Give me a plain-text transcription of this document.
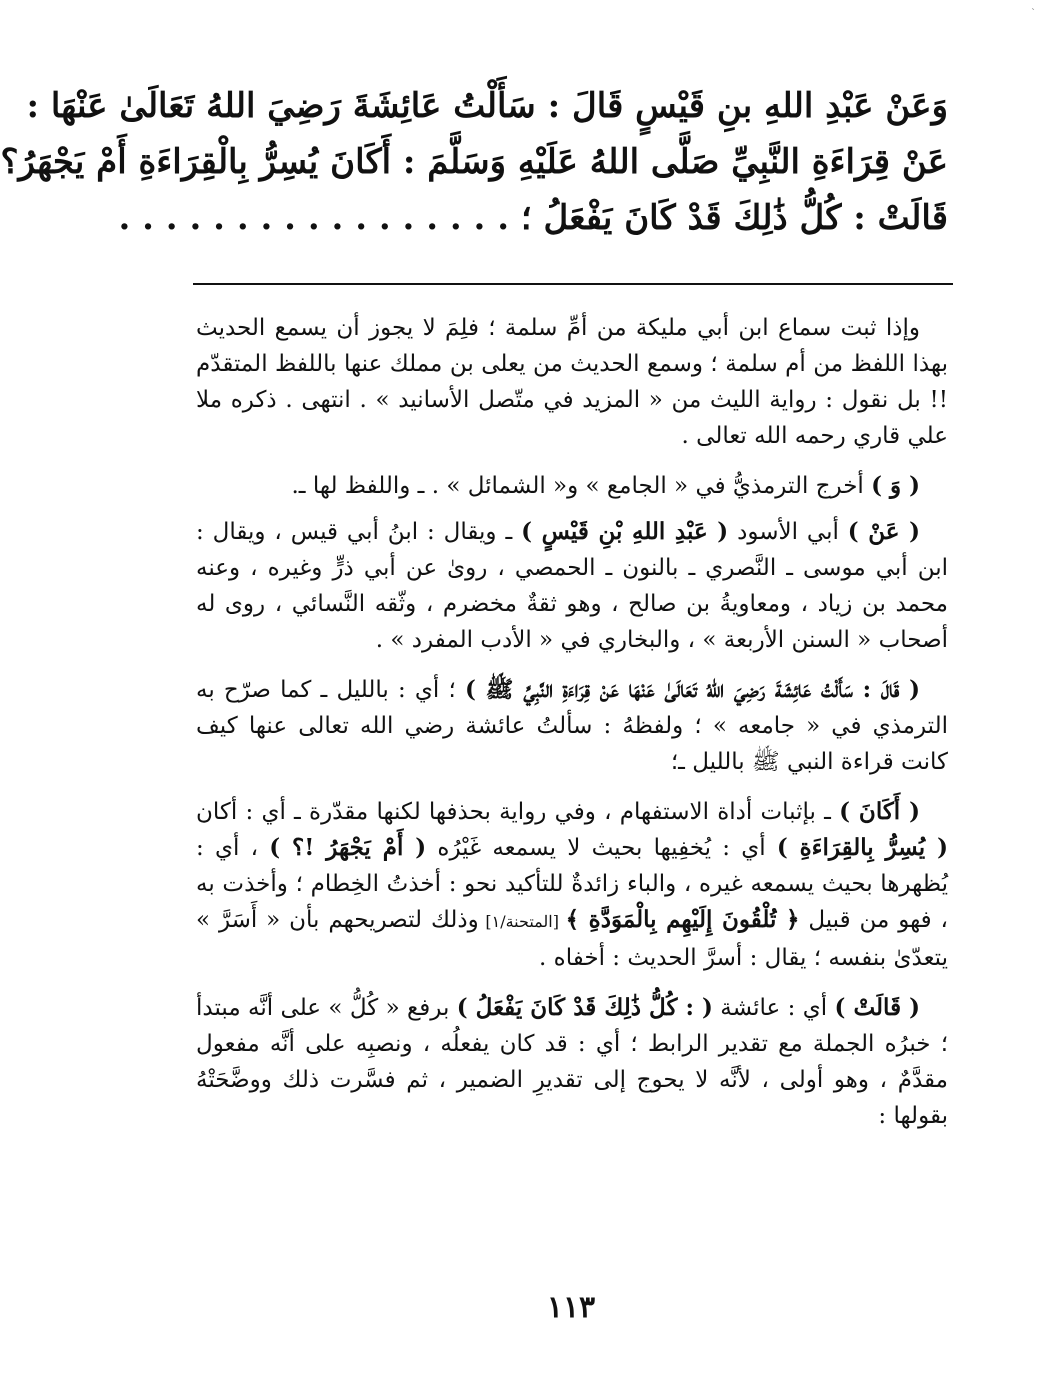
ˋ
وَعَنْ عَبْدِ اللهِ بنِ قَيْسٍ قَالَ : سَأَلْتُ عَائِشَةَ رَضِيَ اللهُ تَعَالَىٰ عَنْهَا :
عَنْ قِرَاءَةِ النَّبِيِّ صَلَّى اللهُ عَلَيْهِ وَسَلَّمَ : أَكَانَ يُسِرُّ بِالْقِرَاءَةِ أَمْ يَجْهَرُ؟
قَالَتْ : كُلُّ ذَٰلِكَ قَدْ كَانَ يَفْعَلُ ؛ . . . . . . . . . . . . . . . . .

وإذا ثبت سماع ابن أبي مليكة من أمِّ سلمة ؛ فلِمَ لا يجوز أن يسمع الحديث بهذا اللفظ من أم سلمة ؛ وسمع الحديث من يعلى بن مملك عنها باللفظ المتقدّم !! بل نقول : رواية الليث من « المزيد في متّصل الأسانيد » . انتهى . ذكره ملا علي قاري رحمه الله تعالى .

( وَ ) أخرج الترمذيُّ في « الجامع » و« الشمائل » . ـ واللفظ لها ـ.

( عَنْ ) أبي الأسود ( عَبْدِ اللهِ بْنِ قَيْسٍ ) ـ ويقال : ابنُ أبي قيس ، ويقال : ابن أبي موسى ـ النَّصري ـ بالنون ـ الحمصي ، روىٰ عن أبي ذرٍّ وغيره ، وعنه محمد بن زياد ، ومعاويةُ بن صالح ، وهو ثقةٌ مخضرم ، وثّقه النَّسائي ، روى له أصحاب « السنن الأربعة » ، والبخاري في « الأدب المفرد » .

( قَالَ : سَأَلْتُ عَائِشَةَ رَضِيَ اللهُ تَعَالَىٰ عَنْهَا عَنْ قِرَاءَةِ النَّبِيِّ ﷺ ) ؛ أي : بالليل ـ كما صرّح به الترمذي في « جامعه » ؛ ولفظهُ : سألتُ عائشة رضي الله تعالى عنها كيف كانت قراءة النبي ﷺ بالليل ـ؛

( أَكَانَ ) ـ بإثبات أداة الاستفهام ، وفي رواية بحذفها لكنها مقدّرة ـ أي : أكان ( يُسِرُّ بِالقِرَاءَةِ ) أي : يُخفِيها بحيث لا يسمعه غَيْرُه ( أَمْ يَجْهَرُ !؟ ) ، أي : يُظهرها بحيث يسمعه غيره ، والباء زائدةٌ للتأكيد نحو : أخذتُ الخِطام ؛ وأخذت به ، فهو من قبيل ﴿ تُلْقُونَ إِلَيْهِم بِالْمَوَدَّةِ ﴾ [المتحنة/١] وذلك لتصريحهم بأن « أَسَرَّ » يتعدّىٰ بنفسه ؛ يقال : أسرَّ الحديث : أخفاه .

( قَالَتْ ) أي : عائشة ( : كُلُّ ذَٰلِكَ قَدْ كَانَ يَفْعَلُ ) برفع « كُلُّ » على أنَّه مبتدأ ؛ خبرُه الجملة مع تقدير الرابط ؛ أي : قد كان يفعلُه ، ونصبِه على أنَّه مفعول مقدَّمٌ ، وهو أولى ، لأنَّه لا يحوج إلى تقديرِ الضمير ، ثم فسَّرت ذلك ووضَّحَتْهُ بقولها :

١١٣
